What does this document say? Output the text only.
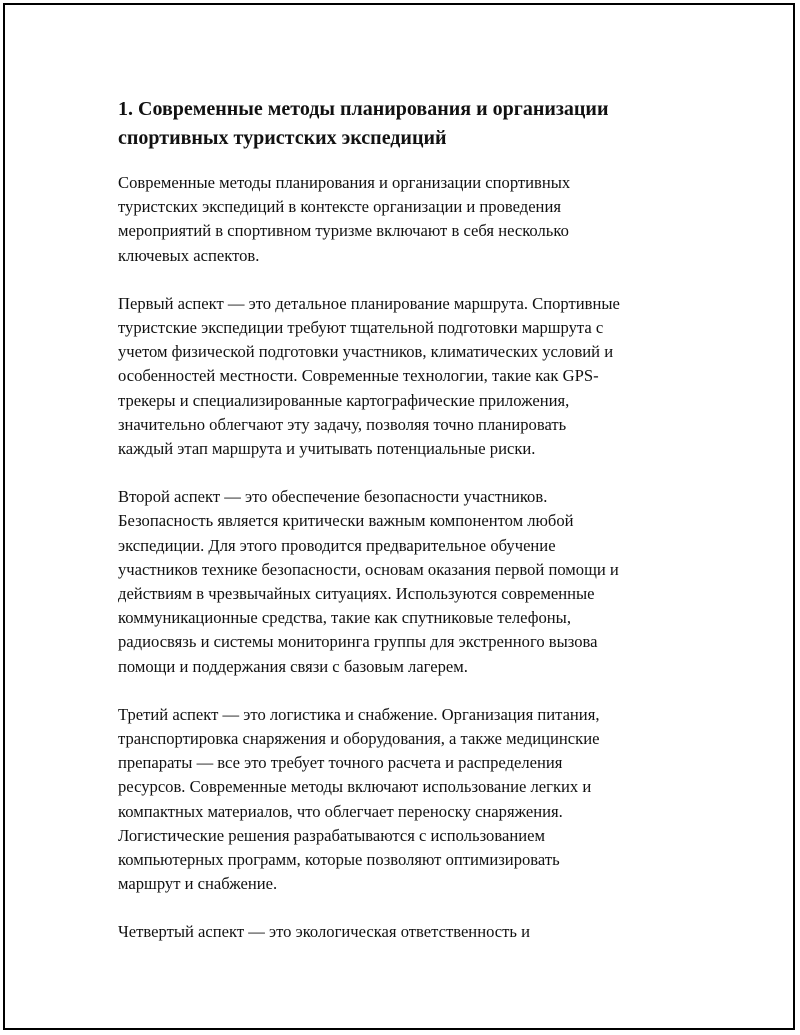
1. Современные методы планирования и организации
спортивных туристских экспедиций

Современные методы планирования и организации спортивных
туристских экспедиций в контексте организации и проведения
мероприятий в спортивном туризме включают в себя несколько
ключевых аспектов.

Первый аспект — это детальное планирование маршрута. Спортивные
туристские экспедиции требуют тщательной подготовки маршрута с
учетом физической подготовки участников, климатических условий и
особенностей местности. Современные технологии, такие как GPS-
трекеры и специализированные картографические приложения,
значительно облегчают эту задачу, позволяя точно планировать
каждый этап маршрута и учитывать потенциальные риски.

Второй аспект — это обеспечение безопасности участников.
Безопасность является критически важным компонентом любой
экспедиции. Для этого проводится предварительное обучение
участников технике безопасности, основам оказания первой помощи и
действиям в чрезвычайных ситуациях. Используются современные
коммуникационные средства, такие как спутниковые телефоны,
радиосвязь и системы мониторинга группы для экстренного вызова
помощи и поддержания связи с базовым лагерем.

Третий аспект — это логистика и снабжение. Организация питания,
транспортировка снаряжения и оборудования, а также медицинские
препараты — все это требует точного расчета и распределения
ресурсов. Современные методы включают использование легких и
компактных материалов, что облегчает переноску снаряжения.
Логистические решения разрабатываются с использованием
компьютерных программ, которые позволяют оптимизировать
маршрут и снабжение.

Четвертый аспект — это экологическая ответственность и
